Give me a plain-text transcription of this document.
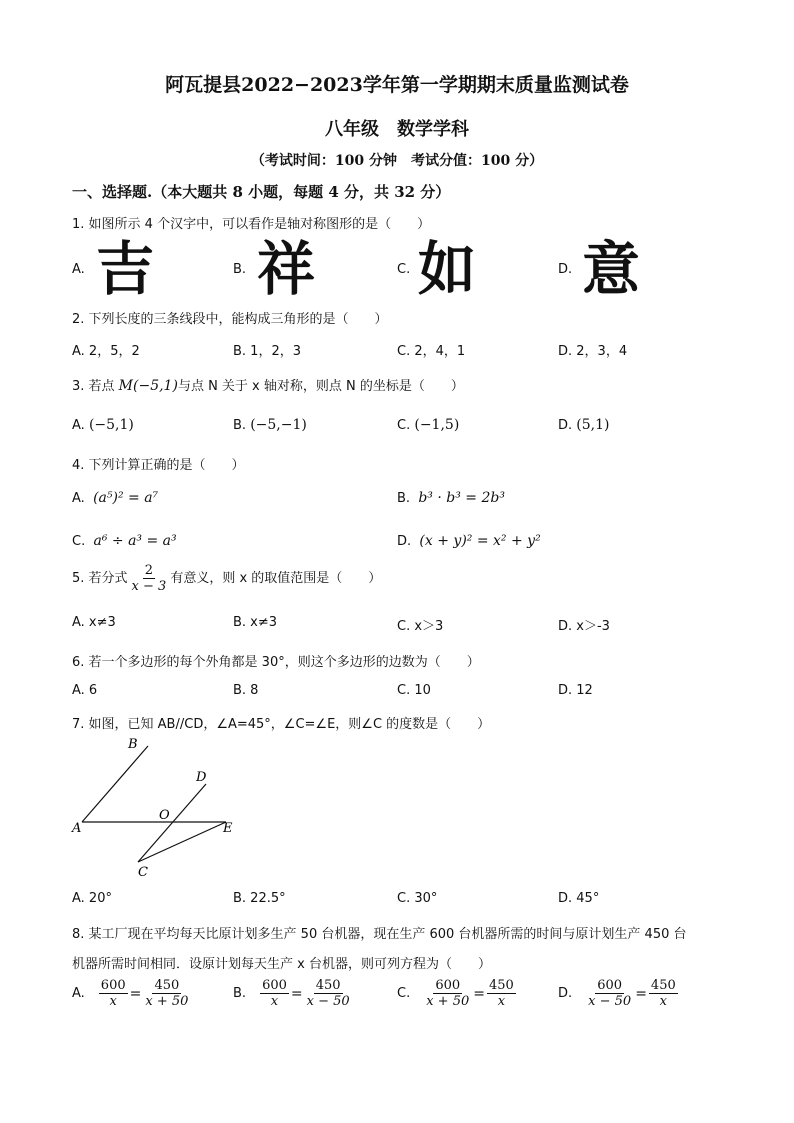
阿瓦提县2022−2023学年第一学期期末质量监测试卷
八年级　数学学科
（考试时间：100 分钟　考试分值：100 分）
一、选择题.（本大题共 8 小题，每题 4 分，共 32 分）
1. 如图所示 4 个汉字中，可以看作是轴对称图形的是（　　）
A. 吉	B. 祥	C. 如	D. 意
2. 下列长度的三条线段中，能构成三角形的是（　　）
A. 2，5，2	B. 1，2，3	C. 2，4，1	D. 2，3，4
3. 若点 M(−5,1)与点 N 关于 x 轴对称，则点 N 的坐标是（　　）
A. (−5,1)	B. (−5,−1)	C. (−1,5)	D. (5,1)
4. 下列计算正确的是（　　）
A. (a⁵)² = a⁷	B. b³ · b³ = 2b³
C. a⁶ ÷ a³ = a³	D. (x + y)² = x² + y²
5. 若分式 $\frac{2}{x - 3}$ 有意义，则 x 的取值范围是（　　）
A. x≠3	B. x≠3	C. x＞3	D. x＞-3
6. 若一个多边形的每个外角都是 30°，则这个多边形的边数为（　　）
A. 6	B. 8	C. 10	D. 12
7. 如图，已知 AB//CD，∠A=45°，∠C=∠E，则∠C 的度数是（　　）
B
D
O
A	E
C
A. 20°	B. 22.5°	C. 30°	D. 45°
8. 某工厂现在平均每天比原计划多生产 50 台机器，现在生产 600 台机器所需的时间与原计划生产 450 台
机器所需时间相同．设原计划每天生产 x 台机器，则可列方程为（　　）
A. $\frac{600}{x} = \frac{450}{x + 50}$	B. $\frac{600}{x} = \frac{450}{x - 50}$	C. $\frac{600}{x + 50} = \frac{450}{x}$	D. $\frac{600}{x - 50} = \frac{450}{x}$
